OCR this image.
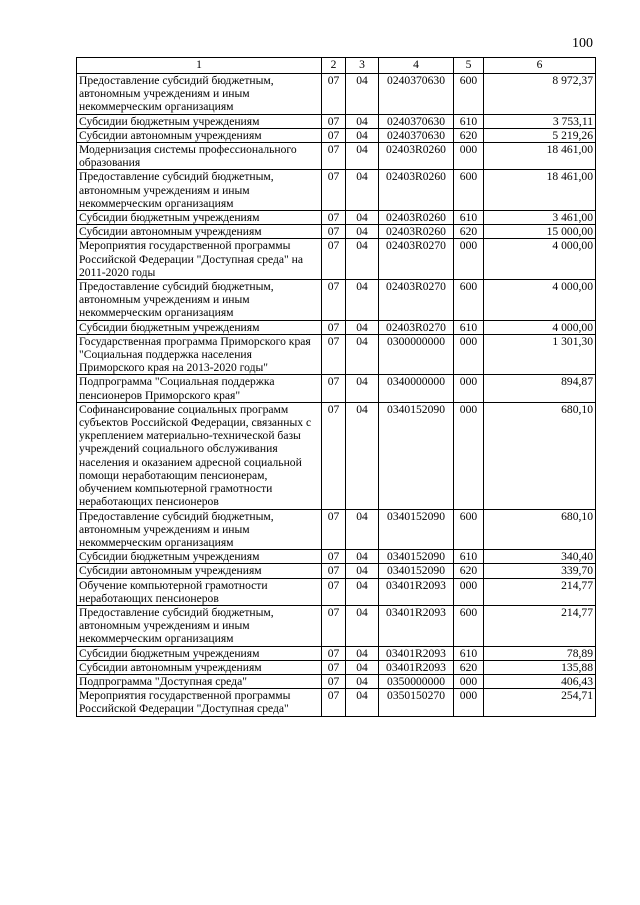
100
1	2	3	4	5	6
Предоставление субсидий бюджетным, автономным учреждениям и иным некоммерческим организациям	07	04	0240370630	600	8 972,37
Субсидии бюджетным учреждениям	07	04	0240370630	610	3 753,11
Субсидии автономным учреждениям	07	04	0240370630	620	5 219,26
Модернизация системы профессионального образования	07	04	02403R0260	000	18 461,00
Предоставление субсидий бюджетным, автономным учреждениям и иным некоммерческим организациям	07	04	02403R0260	600	18 461,00
Субсидии бюджетным учреждениям	07	04	02403R0260	610	3 461,00
Субсидии автономным учреждениям	07	04	02403R0260	620	15 000,00
Мероприятия государственной программы Российской Федерации "Доступная среда" на 2011-2020 годы	07	04	02403R0270	000	4 000,00
Предоставление субсидий бюджетным, автономным учреждениям и иным некоммерческим организациям	07	04	02403R0270	600	4 000,00
Субсидии бюджетным учреждениям	07	04	02403R0270	610	4 000,00
Государственная программа Приморского края "Социальная поддержка населения Приморского края на 2013-2020 годы"	07	04	0300000000	000	1 301,30
Подпрограмма "Социальная поддержка пенсионеров Приморского края"	07	04	0340000000	000	894,87
Софинансирование социальных программ субъектов Российской Федерации, связанных с укреплением материально-технической базы учреждений социального обслуживания населения и оказанием адресной социальной помощи неработающим пенсионерам, обучением компьютерной грамотности неработающих пенсионеров	07	04	0340152090	000	680,10
Предоставление субсидий бюджетным, автономным учреждениям и иным некоммерческим организациям	07	04	0340152090	600	680,10
Субсидии бюджетным учреждениям	07	04	0340152090	610	340,40
Субсидии автономным учреждениям	07	04	0340152090	620	339,70
Обучение компьютерной грамотности неработающих пенсионеров	07	04	03401R2093	000	214,77
Предоставление субсидий бюджетным, автономным учреждениям и иным некоммерческим организациям	07	04	03401R2093	600	214,77
Субсидии бюджетным учреждениям	07	04	03401R2093	610	78,89
Субсидии автономным учреждениям	07	04	03401R2093	620	135,88
Подпрограмма "Доступная среда"	07	04	0350000000	000	406,43
Мероприятия государственной программы Российской Федерации "Доступная среда"	07	04	0350150270	000	254,71
